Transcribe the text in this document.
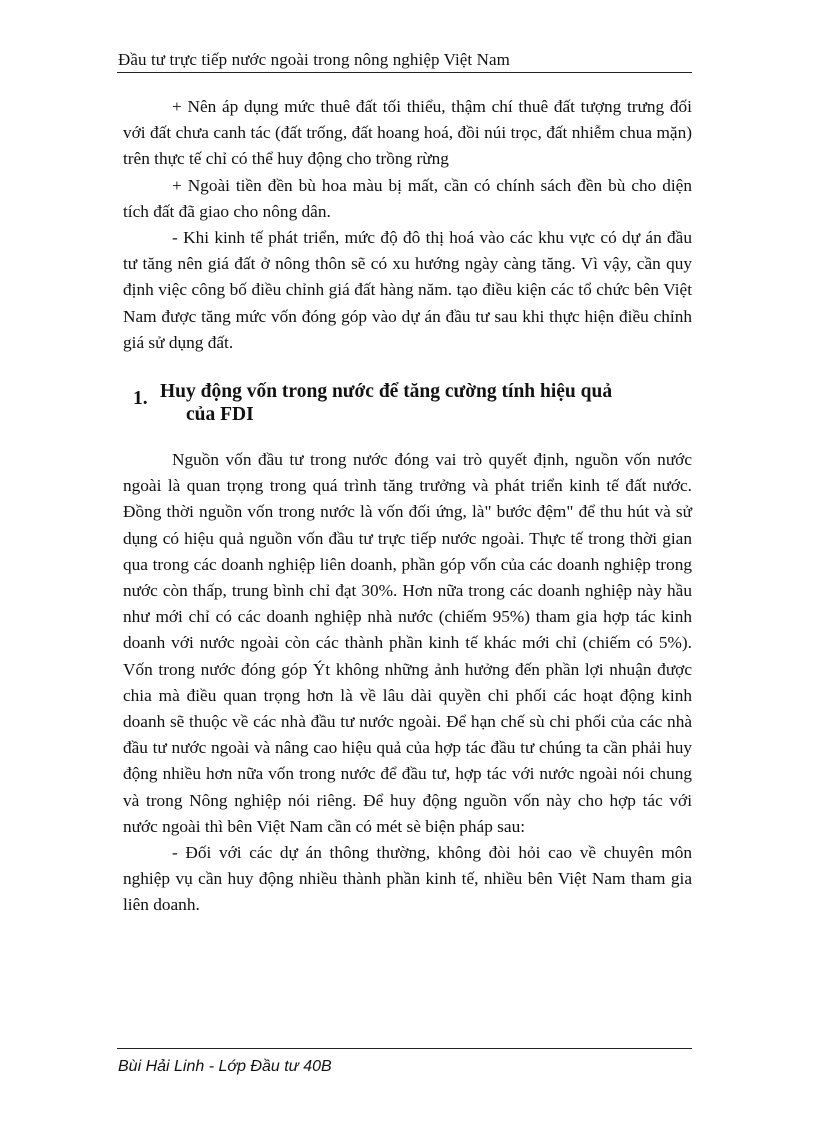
Đầu tư trực tiếp nước ngoài trong nông nghiệp Việt Nam

+ Nên áp dụng mức thuê đất tối thiểu, thậm chí thuê đất tượng trưng đối với đất chưa canh tác (đất trống, đất hoang hoá, đồi núi trọc, đất nhiễm chua mặn) trên thực tế chỉ có thể huy động cho trồng rừng

+ Ngoài tiền đền bù hoa màu bị mất, cần có chính sách đền bù cho diện tích đất đã giao cho nông dân.

- Khi kinh tế phát triển, mức độ đô thị hoá vào các khu vực có dự án đầu tư tăng nên giá đất ở nông thôn sẽ có xu hướng ngày càng tăng. Vì vậy, cần quy định việc công bố điều chỉnh giá đất hàng năm. tạo điều kiện các tổ chức bên Việt Nam được tăng mức vốn đóng góp vào dự án đầu tư sau khi thực hiện điều chỉnh giá sử dụng đất.

1. Huy động vốn trong nước để tăng cường tính hiệu quả
của FDI

Nguồn vốn đầu tư trong nước đóng vai trò quyết định, nguồn vốn nước ngoài là quan trọng trong quá trình tăng trưởng và phát triển kinh tế đất nước. Đồng thời nguồn vốn trong nước là vốn đối ứng, là" bước đệm" để thu hút và sử dụng có hiệu quả nguồn vốn đầu tư trực tiếp nước ngoài. Thực tế trong thời gian qua trong các doanh nghiệp liên doanh, phần góp vốn của các doanh nghiệp trong nước còn thấp, trung bình chỉ đạt 30%. Hơn nữa trong các doanh nghiệp này hầu như mới chỉ có các doanh nghiệp nhà nước (chiếm 95%) tham gia hợp tác kinh doanh với nước ngoài còn các thành phần kinh tế khác mới chỉ (chiếm có 5%). Vốn trong nước đóng góp Ýt không những ảnh hưởng đến phần lợi nhuận được chia mà điều quan trọng hơn là về lâu dài quyền chi phối các hoạt động kinh doanh sẽ thuộc về các nhà đầu tư nước ngoài. Để hạn chế sù chi phối của các nhà đầu tư nước ngoài và nâng cao hiệu quả của hợp tác đầu tư chúng ta cần phải huy động nhiều hơn nữa vốn trong nước để đầu tư, hợp tác với nước ngoài nói chung và trong Nông nghiệp nói riêng. Để huy động nguồn vốn này cho hợp tác với nước ngoài thì bên Việt Nam cần có mét sè biện pháp sau:

- Đối với các dự án thông thường, không đòi hỏi cao về chuyên môn nghiệp vụ cần huy động nhiều thành phần kinh tế, nhiều bên Việt Nam tham gia liên doanh.

Bùi Hải Linh - Lớp Đầu tư 40B
